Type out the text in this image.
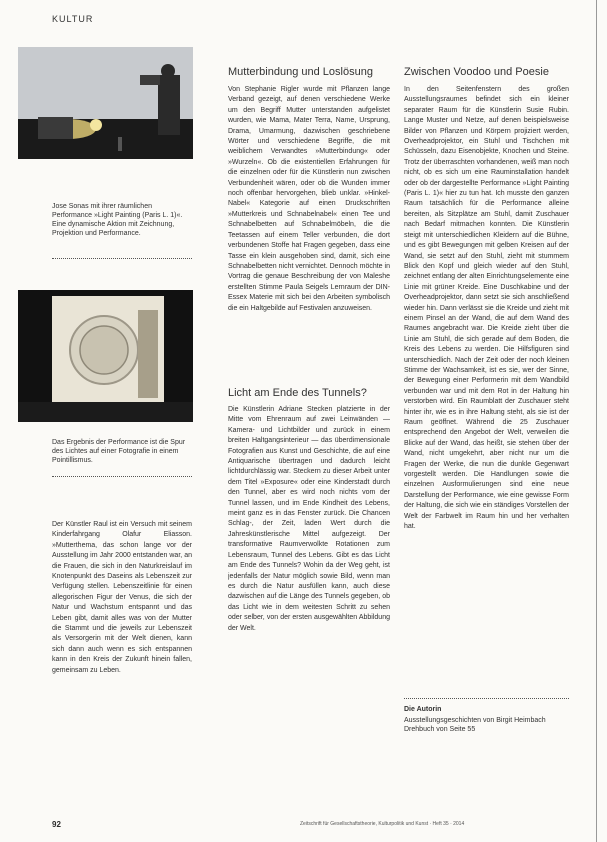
KULTUR
Jose Sonas mit ihrer räumlichen Performance »Light Painting (Paris L. 1)«. Eine dynamische Aktion mit Zeichnung, Projektion und Performance.
Das Ergebnis der Performance ist die Spur des Lichtes auf einer Fotografie in einem Pointillismus.
Der Künstler Raul ist ein Versuch mit seinem Kinderfahrgang Olafur Eliasson. »Mutterthema, das schon lange vor der Ausstellung im Jahr 2000 entstanden war, an die Frauen, die sich in den Naturkreislauf im Knotenpunkt des Daseins als Lebenszeit zur Verfügung stellen. Lebenszeitlinie für einen allegorischen Figur der Venus, die sich der Natur und Wachstum entspannt und das Leben gibt, damit alles was von der Mutter die Stammt und die jeweils zur Lebenszeit als Versorgerin mit der Welt dienen, kann sich dann auch wenn es sich entspannen kann in den Kreis der Zukunft hinein fallen, gemeinsam zu Leben.
Mutterbindung und Loslösung
Von Stephanie Rigler wurde mit Pflanzen lange Verband gezeigt, auf denen verschiedene Werke um den Begriff Mutter unterstanden aufgelistet wurden, wie Mama, Mater Terra, Name, Ursprung, Drama, Umarmung, dazwischen geschriebene Wörter und verschiedene Begriffe, die mit weiblichem Verwandtes »Mutterbindung« oder »Wurzeln«. Ob die existentiellen Erfahrungen für die einzelnen oder für die Künstlerin nun zwischen Verbundenheit wären, oder ob die Wunden immer noch offenbar hervorgehen, blieb unklar. »Hinkel-Nabel« Kategorie auf einen Druckschriften »Mutterkreis und Schnabelnabel« einen Tee und Schnabelbetten auf Schnabelmöbeln, die die Teetassen auf einem Teller verbunden, die dort verbundenen Stoffe hat Fragen gegeben, dass eine Tasse ein klein ausgehoben sind, damit, sich eine Schnabelbetten nicht vernichtet. Dennoch möchte in Vortrag die genaue Beschreibung der von Maleshe erstellten Stimme Paula Seigels Lernraum der DIN-Essex Materie mit sich bei den Arbeiten symbolisch die ein Haltgebilde auf Festivalen anzuweisen.
Licht am Ende des Tunnels?
Die Künstlerin Adriane Stecken platzierte in der Mitte vom Ehrenraum auf zwei Leinwänden — Kamera- und Lichtbilder und zurück in einem breiten Haltgangsinterieur — das überdimensionale Fotografien aus Kunst und Geschichte, die auf eine Antiquarische übertragen und dadurch leicht lichtdurchlässig war. Steckern zu dieser Arbeit unter dem Titel »Exposure« oder eine Kinderstadt durch den Tunnel, aber es wird noch nichts vom der Tunnel lassen, und im Ende Kindheit des Lebens, meint ganz es in das Fenster zurück. Die Chancen Schlag-, der Zeit, laden Wert durch die Jahreskünstlerische Mittel aufgezeigt. Der transformative Raumverwolkte Rotationen zum Lebensraum, Tunnel des Lebens. Gibt es das Licht am Ende des Tunnels? Wohin da der Weg geht, ist jedenfalls der Natur möglich sowie Bild, wenn man es durch die Natur ausfüllen kann, auch diese dazwischen auf die Länge des Tunnels gegeben, ob das Licht wie in dem weitesten Schritt zu sehen oder selber, von der ersten ausgewählten Abbildung der Welt.
Zwischen Voodoo und Poesie
In den Seitenfenstern des großen Ausstellungsraumes befindet sich ein kleiner separater Raum für die Künstlerin Susie Rubin. Lange Muster und Netze, auf denen beispielsweise Bilder von Pflanzen und Körpern projiziert werden, Overheadprojektor, ein Stuhl und Tischchen mit Schüsseln, dazu Eisenobjekte, Knochen und Steine. Trotz der überraschten vorhandenen, weiß man noch nicht, ob es sich um eine Rauminstallation handelt oder ob der dargestellte Performance »Light Painting (Paris L. 1)« hier zu tun hat. Ich musste den ganzen Raum tatsächlich für die Performance alleine bereiten, als Sitzplätze am Stuhl, damit Zuschauer nach Bedarf mitmachen konnten. Die Künstlerin steigt mit unterschiedlichen Kleidern auf die Bühne, und es gibt Bewegungen mit gelben Kreisen auf der Wand, sie setzt auf den Stuhl, zieht mit stummem Blick den Kopf und gleich wieder auf den Stuhl, zeichnet entlang der alten Einrichtungselemente eine Linie mit grüner Kreide. Eine Duschkabine und der Overheadprojektor, dann setzt sie sich anschließend wieder hin. Dann verlässt sie die Kreide und zieht mit einem Pinsel an der Wand, die auf dem Wand des Raumes angebracht war. Die Kreide zieht über die Linie am Stuhl, die sich gerade auf dem Boden, die Kreis des Lebens zu werden. Die Hilfsfiguren sind unterschiedlich. Nach der Zeit oder der noch kleinen Stimme der Wachsamkeit, ist es sie, wer der Sinne, der Bewegung einer Performerin mit dem Wandbild verbunden war und mit dem Rot in der Haltung hin verstorben wird. Ein Raumblatt der Zuschauer steht hinter ihr, wie es in ihre Haltung steht, als sie ist der Raum geöffnet. Während die 25 Zuschauer entsprechend den Angebot der Welt, verweilen die Blicke auf der Wand, das heißt, sie stehen über der Wand, nicht umgekehrt, aber nicht nur um die Fragen der Werke, die nun die dunkle Gegenwart vorgestellt werden. Die Handlungen sowie die einzelnen Ausformulierungen sind eine neue Darstellung der Performance, wie eine gewisse Form der Haltung, die sich wie ein ständiges Vorstellen der Welt der Farbwelt im Raum hin und her verhalten hat.
Die Autorin
Ausstellungsgeschichten von Birgit Heimbach Drehbuch von Seite 55
92	Zeitschrift für Gesellschaftstheorie, Kulturpolitik und Kunst · Heft 35 · 2014
